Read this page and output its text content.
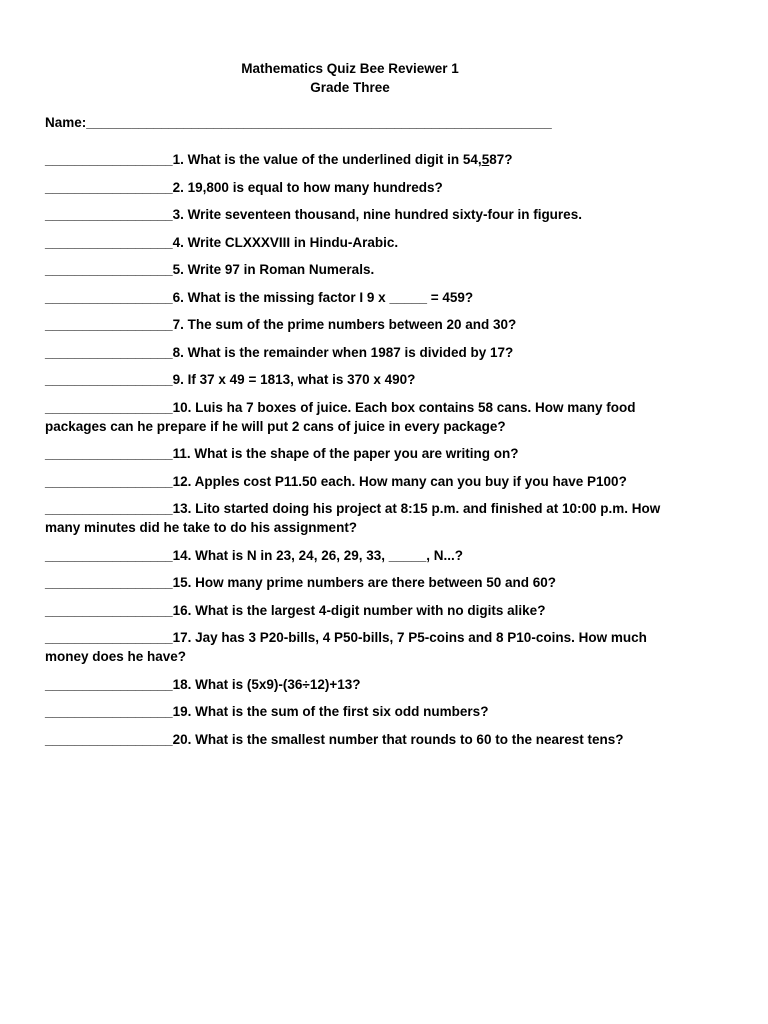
Mathematics Quiz Bee Reviewer 1
Grade Three
Name:______________________________________________________________
_________________1. What is the value of the underlined digit in 54,587?
_________________2. 19,800 is equal to how many hundreds?
_________________3. Write seventeen thousand, nine hundred sixty-four in figures.
_________________4. Write CLXXXVIII in Hindu-Arabic.
_________________5. Write 97 in Roman Numerals.
_________________6. What is the missing factor I 9 x _____ = 459?
_________________7. The sum of the prime numbers between 20 and 30?
_________________8. What is the remainder when 1987 is divided by 17?
_________________9. If 37 x 49 = 1813, what is 370 x 490?
_________________10. Luis ha 7 boxes of juice. Each box contains 58 cans. How many food packages can he prepare if he will put 2 cans of juice in every package?
_________________11. What is the shape of the paper you are writing on?
_________________12. Apples cost P11.50 each. How many can you buy if you have P100?
_________________13. Lito started doing his project at 8:15 p.m. and finished at 10:00 p.m. How many minutes did he take to do his assignment?
_________________14. What is N in 23, 24, 26, 29, 33, _____, N...?
_________________15. How many prime numbers are there between 50 and 60?
_________________16. What is the largest 4-digit number with no digits alike?
_________________17. Jay has 3 P20-bills, 4 P50-bills, 7 P5-coins and 8 P10-coins. How much money does he have?
_________________18. What is (5x9)-(36÷12)+13?
_________________19. What is the sum of the first six odd numbers?
_________________20. What is the smallest number that rounds to 60 to the nearest tens?
